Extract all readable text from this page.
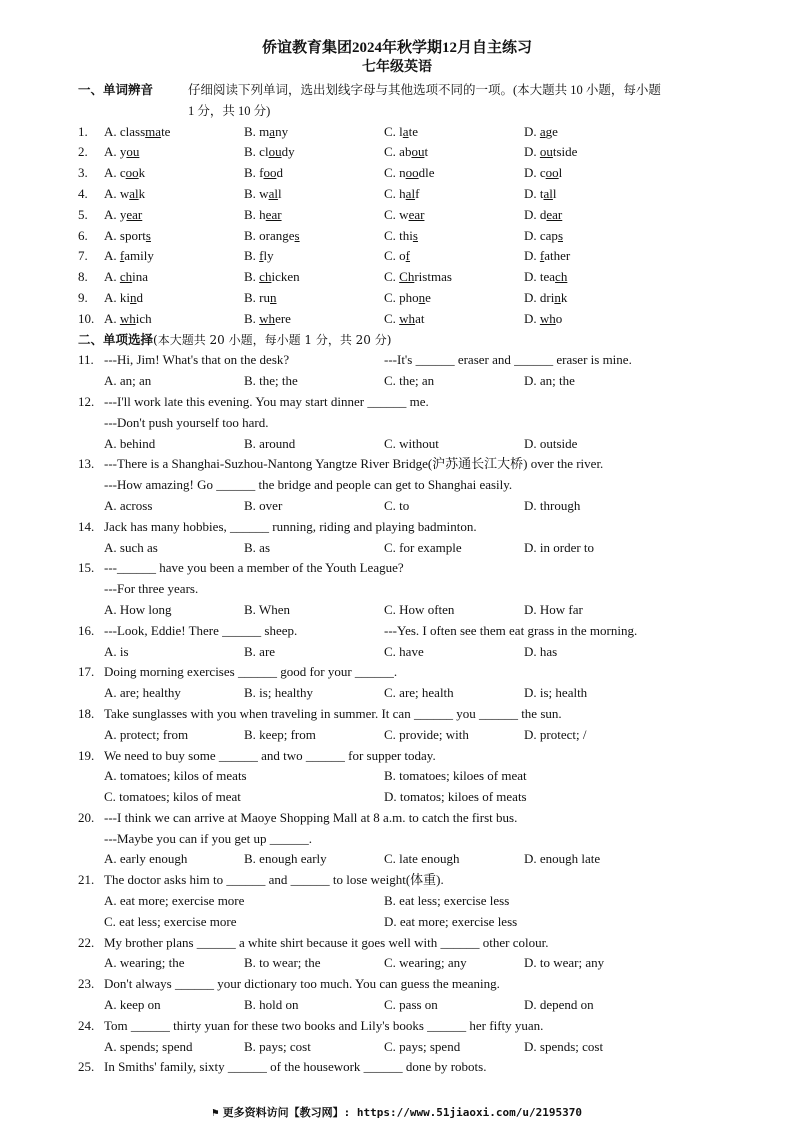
侨谊教育集团2024年秋学期12月自主练习
七年级英语
一、单词辨音	仔细阅读下列单词，选出划线字母与其他选项不同的一项。(本大题共 10 小题，每小题
1 分，共 10 分)
1. A. classmate	B. many	C. late	D. age
2. A. you	B. cloudy	C. about	D. outside
3. A. cook	B. food	C. noodle	D. cool
4. A. walk	B. wall	C. half	D. tall
5. A. year	B. hear	C. wear	D. dear
6. A. sports	B. oranges	C. this	D. caps
7. A. family	B. fly	C. of	D. father
8. A. china	B. chicken	C. Christmas	D. teach
9. A. kind	B. run	C. phone	D. drink
10. A. which	B. where	C. what	D. who
二、单项选择(本大题共 20 小题，每小题 1 分，共 20 分)
11. ---Hi, Jim! What's that on the desk?	---It's ______ eraser and ______ eraser is mine.
A. an; an	B. the; the	C. the; an	D. an; the
12. ---I'll work late this evening. You may start dinner ______ me.
---Don't push yourself too hard.
A. behind	B. around	C. without	D. outside
13. ---There is a Shanghai-Suzhou-Nantong Yangtze River Bridge(沪苏通长江大桥) over the river.
---How amazing! Go ______ the bridge and people can get to Shanghai easily.
A. across	B. over	C. to	D. through
14. Jack has many hobbies, ______ running, riding and playing badminton.
A. such as	B. as	C. for example	D. in order to
15. ---______ have you been a member of the Youth League?
---For three years.
A. How long	B. When	C. How often	D. How far
16. ---Look, Eddie! There ______ sheep.	---Yes. I often see them eat grass in the morning.
A. is	B. are	C. have	D. has
17. Doing morning exercises ______ good for your ______.
A. are; healthy	B. is; healthy	C. are; health	D. is; health
18. Take sunglasses with you when traveling in summer. It can ______ you ______ the sun.
A. protect; from	B. keep; from	C. provide; with	D. protect; /
19. We need to buy some ______ and two ______ for supper today.
A. tomatoes; kilos of meats	B. tomatoes; kiloes of meat
C. tomatoes; kilos of meat	D. tomatos; kiloes of meats
20. ---I think we can arrive at Maoye Shopping Mall at 8 a.m. to catch the first bus.
---Maybe you can if you get up ______.
A. early enough	B. enough early	C. late enough	D. enough late
21. The doctor asks him to ______ and ______ to lose weight(体重).
A. eat more; exercise more	B. eat less; exercise less
C. eat less; exercise more	D. eat more; exercise less
22. My brother plans ______ a white shirt because it goes well with ______ other colour.
A. wearing; the	B. to wear; the	C. wearing; any	D. to wear; any
23. Don't always ______ your dictionary too much. You can guess the meaning.
A. keep on	B. hold on	C. pass on	D. depend on
24. Tom ______ thirty yuan for these two books and Lily's books ______ her fifty yuan.
A. spends; spend	B. pays; cost	C. pays; spend	D. spends; cost
25. In Smiths' family, sixty ______ of the housework ______ done by robots.
⚑ 更多资料访问【教习网】: https://www.51jiaoxi.com/u/2195370
